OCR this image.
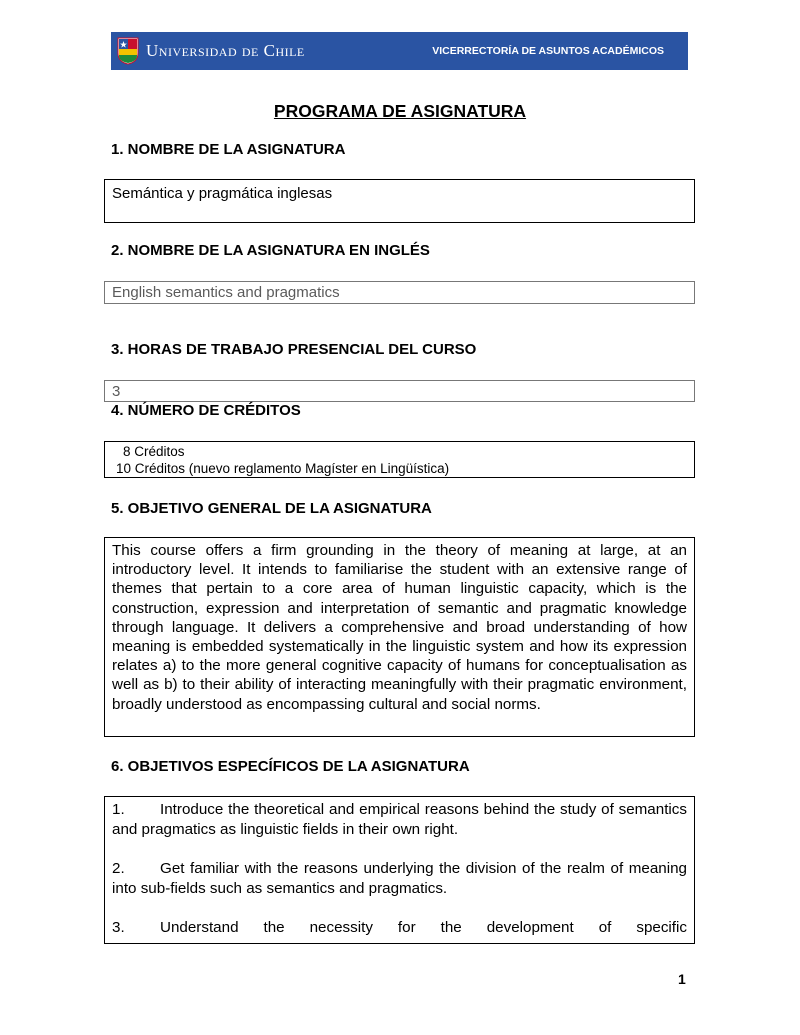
Universidad de Chile	VICERRECTORÍA DE ASUNTOS ACADÉMICOS
PROGRAMA DE ASIGNATURA
1. NOMBRE DE LA ASIGNATURA
Semántica y pragmática inglesas
2. NOMBRE DE LA ASIGNATURA EN INGLÉS
English semantics and pragmatics
3. HORAS DE TRABAJO PRESENCIAL DEL CURSO
3
4. NÚMERO DE CRÉDITOS
8 Créditos
10 Créditos (nuevo reglamento Magíster en Lingüística)
5. OBJETIVO GENERAL DE LA ASIGNATURA
This course offers a firm grounding in the theory of meaning at large, at an introductory level. It intends to familiarise the student with an extensive range of themes that pertain to a core area of human linguistic capacity, which is the construction, expression and interpretation of semantic and pragmatic knowledge through language. It delivers a comprehensive and broad understanding of how meaning is embedded systematically in the linguistic system and how its expression relates a) to the more general cognitive capacity of humans for conceptualisation as well as b) to their ability of interacting meaningfully with their pragmatic environment, broadly understood as encompassing cultural and social norms.
6. OBJETIVOS ESPECÍFICOS DE LA ASIGNATURA
1. Introduce the theoretical and empirical reasons behind the study of semantics and pragmatics as linguistic fields in their own right.
2. Get familiar with the reasons underlying the division of the realm of meaning into sub-fields such as semantics and pragmatics.
3. Understand the necessity for the development of specific
1
